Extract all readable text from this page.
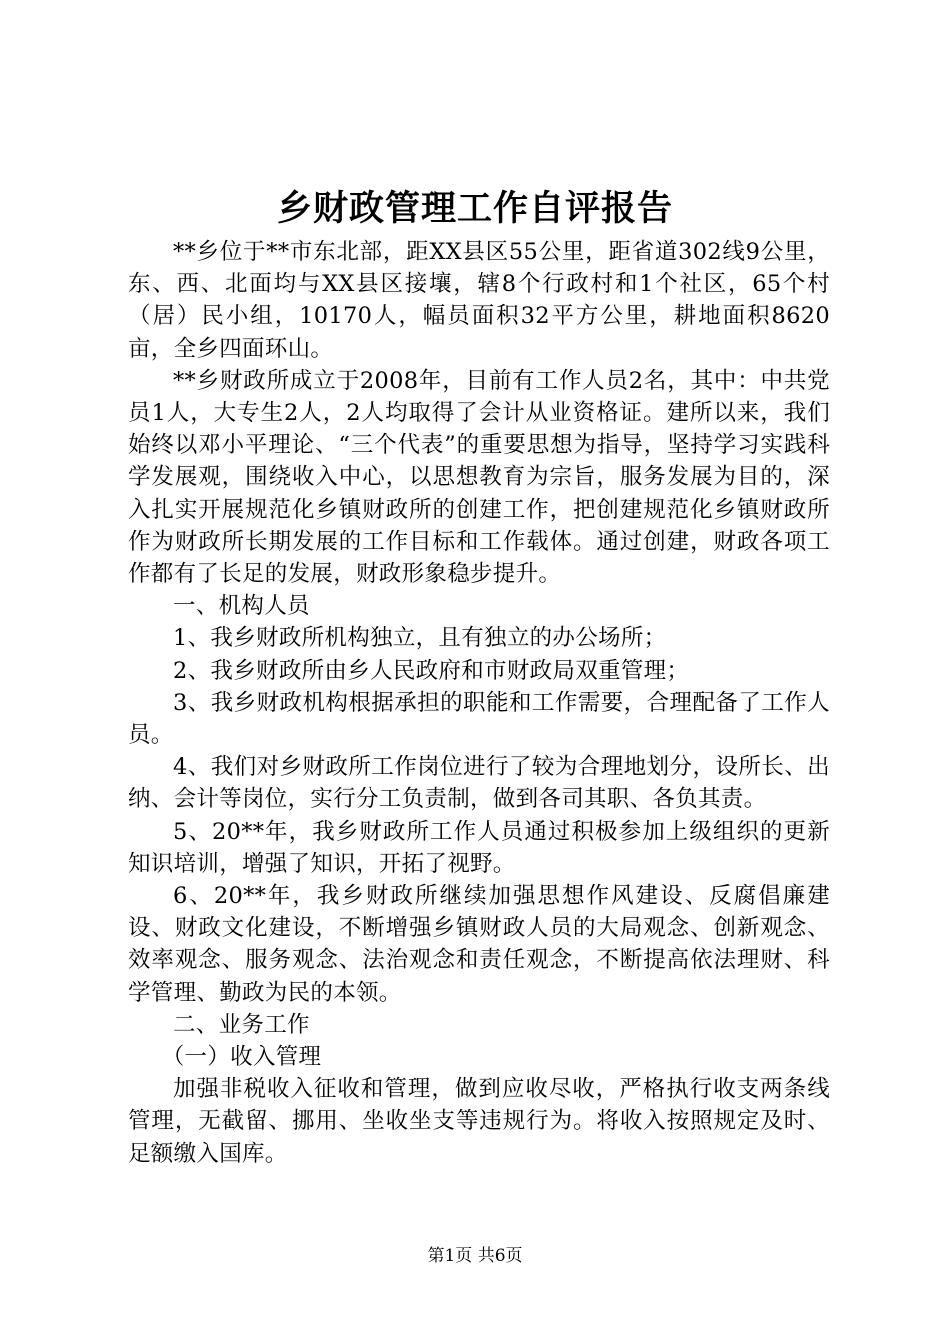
乡财政管理工作自评报告

**乡位于**市东北部，距XX县区55公里，距省道302线9公里，东、西、北面均与XX县区接壤，辖8个行政村和1个社区，65个村（居）民小组，10170人，幅员面积32平方公里，耕地面积8620亩，全乡四面环山。

**乡财政所成立于2008年，目前有工作人员2名，其中：中共党员1人，大专生2人，2人均取得了会计从业资格证。建所以来，我们始终以邓小平理论、“三个代表”的重要思想为指导，坚持学习实践科学发展观，围绕收入中心，以思想教育为宗旨，服务发展为目的，深入扎实开展规范化乡镇财政所的创建工作，把创建规范化乡镇财政所作为财政所长期发展的工作目标和工作载体。通过创建，财政各项工作都有了长足的发展，财政形象稳步提升。

一、机构人员

1、我乡财政所机构独立，且有独立的办公场所；

2、我乡财政所由乡人民政府和市财政局双重管理；

3、我乡财政机构根据承担的职能和工作需要，合理配备了工作人员。

4、我们对乡财政所工作岗位进行了较为合理地划分，设所长、出纳、会计等岗位，实行分工负责制，做到各司其职、各负其责。

5、20**年，我乡财政所工作人员通过积极参加上级组织的更新知识培训，增强了知识，开拓了视野。

6、20**年，我乡财政所继续加强思想作风建设、反腐倡廉建设、财政文化建设，不断增强乡镇财政人员的大局观念、创新观念、效率观念、服务观念、法治观念和责任观念，不断提高依法理财、科学管理、勤政为民的本领。

二、业务工作

（一）收入管理

加强非税收入征收和管理，做到应收尽收，严格执行收支两条线管理，无截留、挪用、坐收坐支等违规行为。将收入按照规定及时、足额缴入国库。

第1页 共6页
